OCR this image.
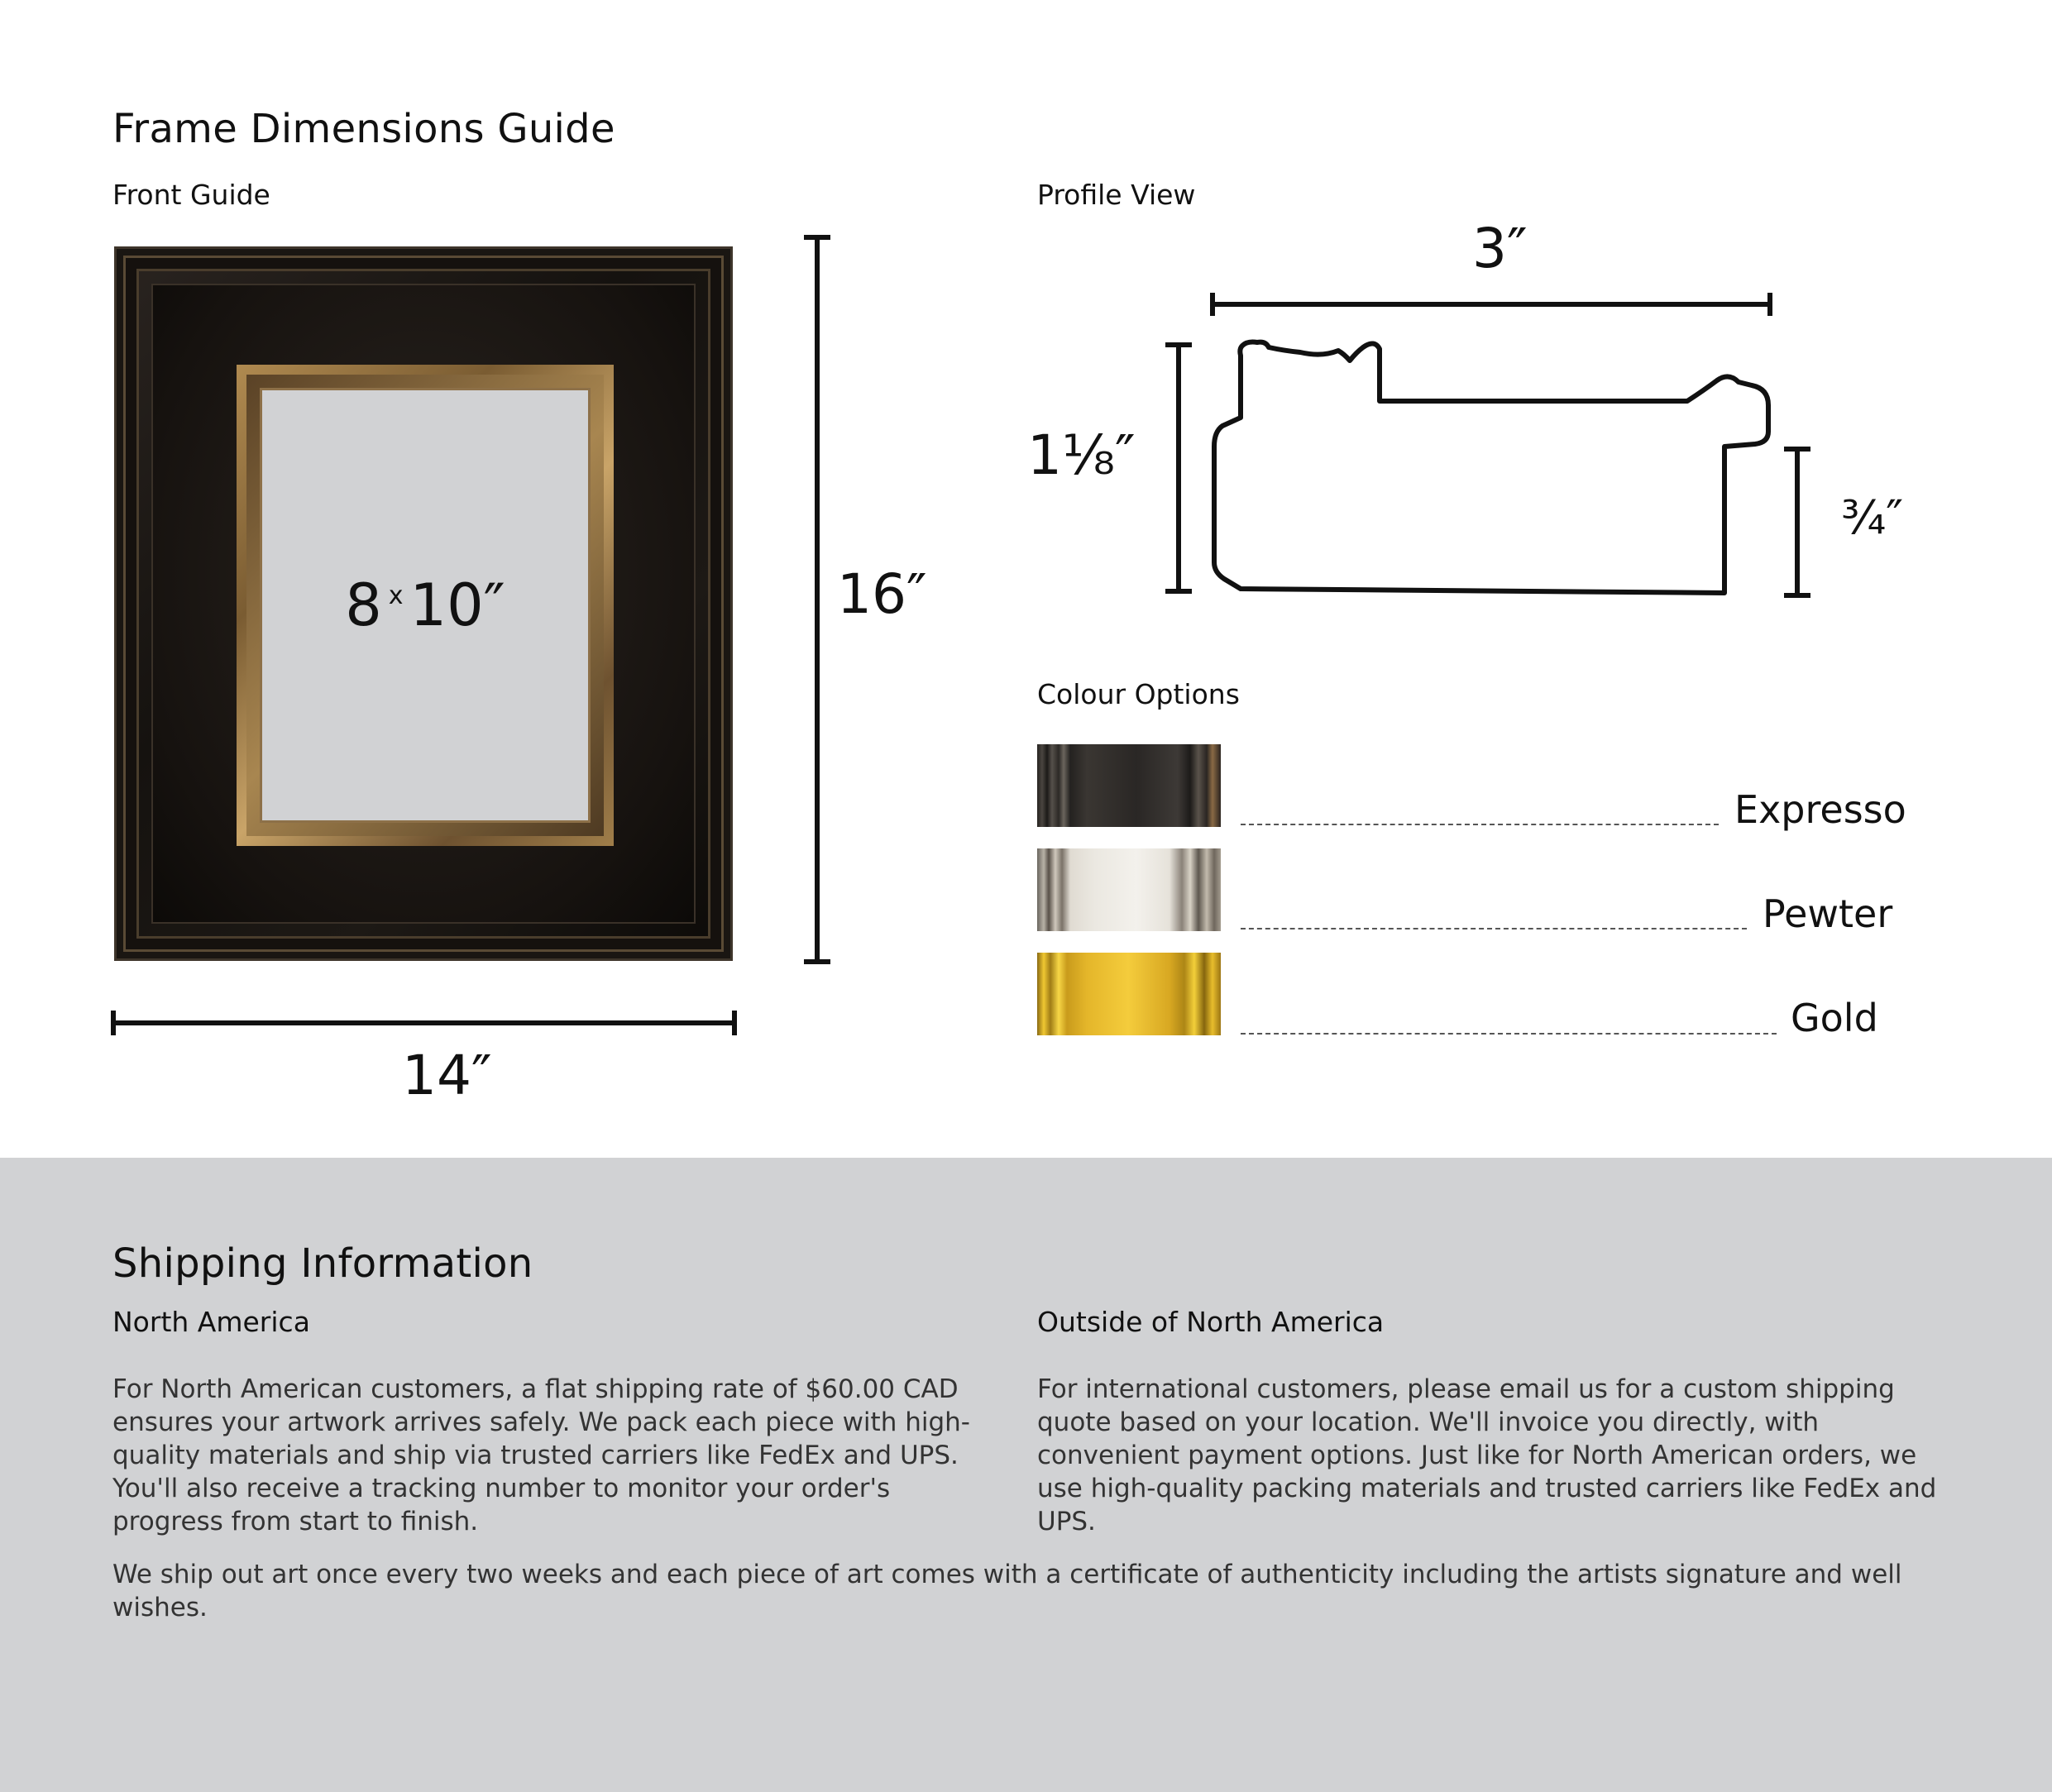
Frame Dimensions Guide
Front Guide	Profile View
8 $^x$ 10″	16″
14″
3″
1⅛″
¾″
Colour Options
Expresso
Pewter
Gold
Shipping Information
North America
For North American customers, a flat shipping rate of $60.00 CAD ensures your artwork arrives safely. We pack each piece with high-quality materials and ship via trusted carriers like FedEx and UPS. You'll also receive a tracking number to monitor your order's progress from start to finish.
Outside of North America
For international customers, please email us for a custom shipping quote based on your location. We'll invoice you directly, with convenient payment options. Just like for North American orders, we use high-quality packing materials and trusted carriers like FedEx and UPS.
We ship out art once every two weeks and each piece of art comes with a certificate of authenticity including the artists signature and well wishes.
